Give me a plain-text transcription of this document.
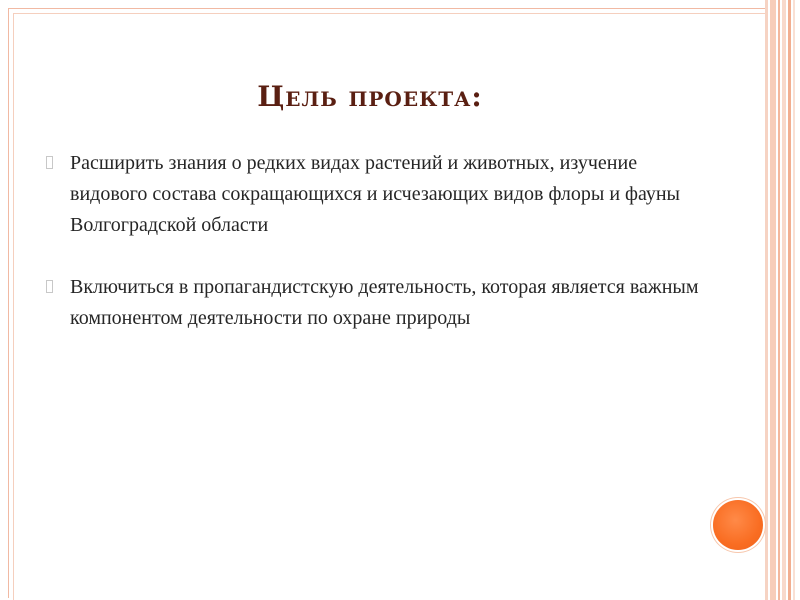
Цель проекта:
Расширить знания о редких видах растений и животных, изучение видового состава сокращающихся и исчезающих видов флоры и фауны Волгоградской области
Включиться в пропагандистскую деятельность, которая является важным компонентом деятельности по охране природы
